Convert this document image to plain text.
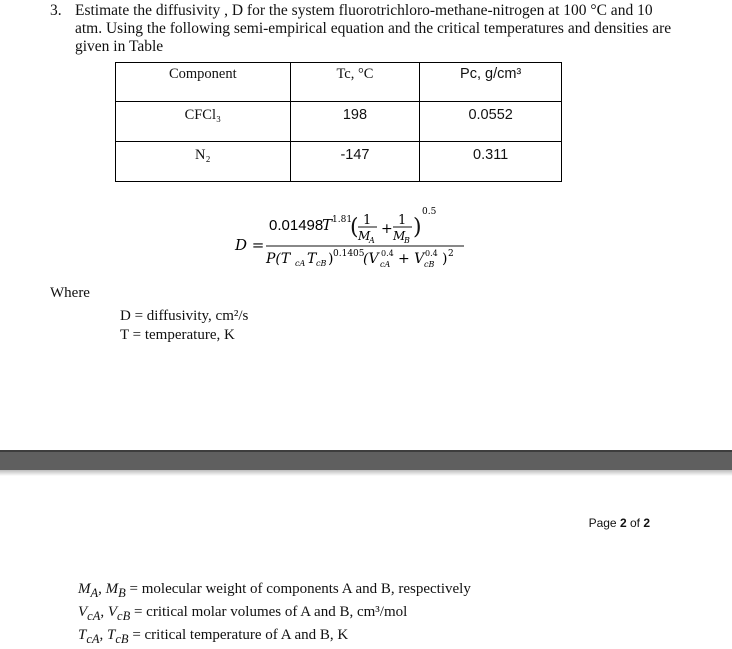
3. Estimate the diffusivity , D for the system fluorotrichloro-methane-nitrogen at 100 °C and 10 atm. Using the following semi-empirical equation and the critical temperatures and densities are given in Table
Component	Tc, °C	Pc, g/cm³
CFCl₃	198	0.0552
N₂	-147	0.311
D =
0.01498
T 1.81
( 1
M
A
+
1
M
B
)
0.5
P(T cA T cB ) 0.1405
(V 0.4
cA + V 0.4
cB ) 2
Where
D = diffusivity, cm²/s
T = temperature, K
Page 2 of 2
$M_A$, $M_B$ = molecular weight of components A and B, respectively
$V_{cA}$, $V_{cB}$ = critical molar volumes of A and B, cm³/mol
$T_{cA}$, $T_{cB}$ = critical temperature of A and B, K
